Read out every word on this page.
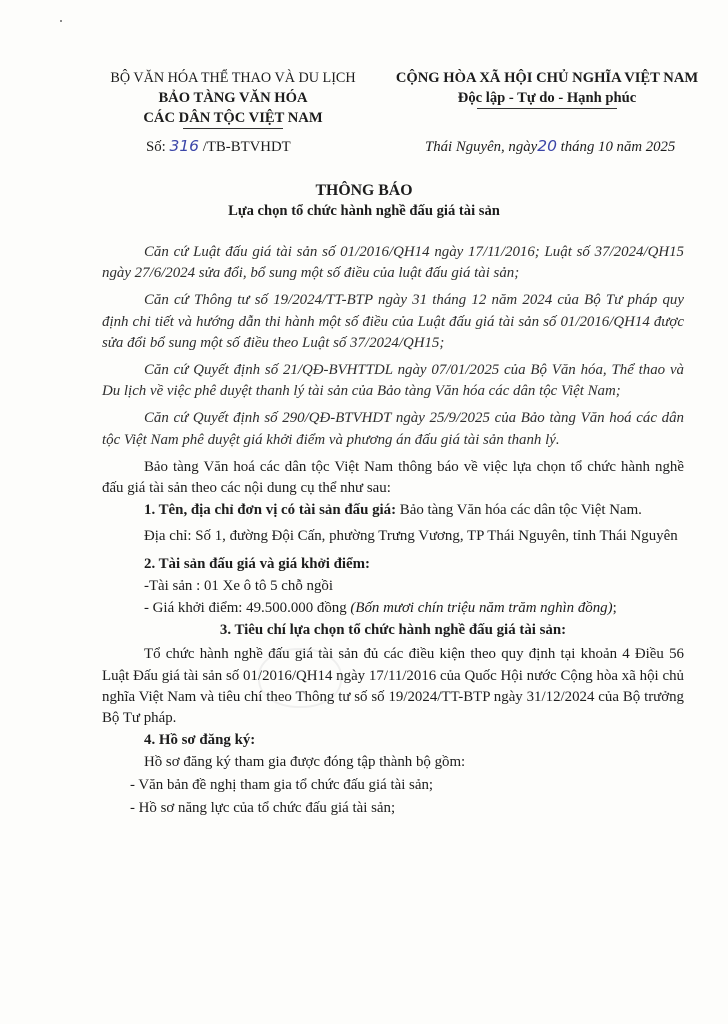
BỘ VĂN HÓA THỂ THAO VÀ DU LỊCH
BẢO TÀNG VĂN HÓA
CÁC DÂN TỘC VIỆT NAM
CỘNG HÒA XÃ HỘI CHỦ NGHĨA VIỆT NAM
Độc lập - Tự do - Hạnh phúc
Số: 316 /TB-BTVHDT	Thái Nguyên, ngày20 tháng 10 năm 2025
THÔNG BÁO
Lựa chọn tổ chức hành nghề đấu giá tài sản

Căn cứ Luật đấu giá tài sản số 01/2016/QH14 ngày 17/11/2016; Luật số 37/2024/QH15 ngày 27/6/2024 sửa đổi, bổ sung một số điều của luật đấu giá tài sản;

Căn cứ Thông tư số 19/2024/TT-BTP ngày 31 tháng 12 năm 2024 của Bộ Tư pháp quy định chi tiết và hướng dẫn thi hành một số điều của Luật đấu giá tài sản số 01/2016/QH14 được sửa đổi bổ sung một số điều theo Luật số 37/2024/QH15;

Căn cứ Quyết định số 21/QĐ-BVHTTDL ngày 07/01/2025 của Bộ Văn hóa, Thể thao và Du lịch về việc phê duyệt thanh lý tài sản của Bảo tàng Văn hóa các dân tộc Việt Nam;

Căn cứ Quyết định số 290/QĐ-BTVHDT ngày 25/9/2025 của Bảo tàng Văn hoá các dân tộc Việt Nam phê duyệt giá khởi điểm và phương án đấu giá tài sản thanh lý.

Bảo tàng Văn hoá các dân tộc Việt Nam thông báo về việc lựa chọn tổ chức hành nghề đấu giá tài sản theo các nội dung cụ thể như sau:

1. Tên, địa chỉ đơn vị có tài sản đấu giá: Bảo tàng Văn hóa các dân tộc Việt Nam.

Địa chỉ: Số 1, đường Đội Cấn, phường Trưng Vương, TP Thái Nguyên, tỉnh Thái Nguyên

2. Tài sản đấu giá và giá khởi điểm:

-Tài sản : 01 Xe ô tô 5 chỗ ngồi

- Giá khởi điểm: 49.500.000 đồng (Bốn mươi chín triệu năm trăm nghìn đồng);

3. Tiêu chí lựa chọn tổ chức hành nghề đấu giá tài sản:

Tổ chức hành nghề đấu giá tài sản đủ các điều kiện theo quy định tại khoản 4 Điều 56 Luật Đấu giá tài sản số 01/2016/QH14 ngày 17/11/2016 của Quốc Hội nước Cộng hòa xã hội chủ nghĩa Việt Nam và tiêu chí theo Thông tư số số 19/2024/TT-BTP ngày 31/12/2024 của Bộ trưởng Bộ Tư pháp.

4. Hồ sơ đăng ký:

Hồ sơ đăng ký tham gia được đóng tập thành bộ gồm:

- Văn bản đề nghị tham gia tổ chức đấu giá tài sản;

- Hồ sơ năng lực của tổ chức đấu giá tài sản;
